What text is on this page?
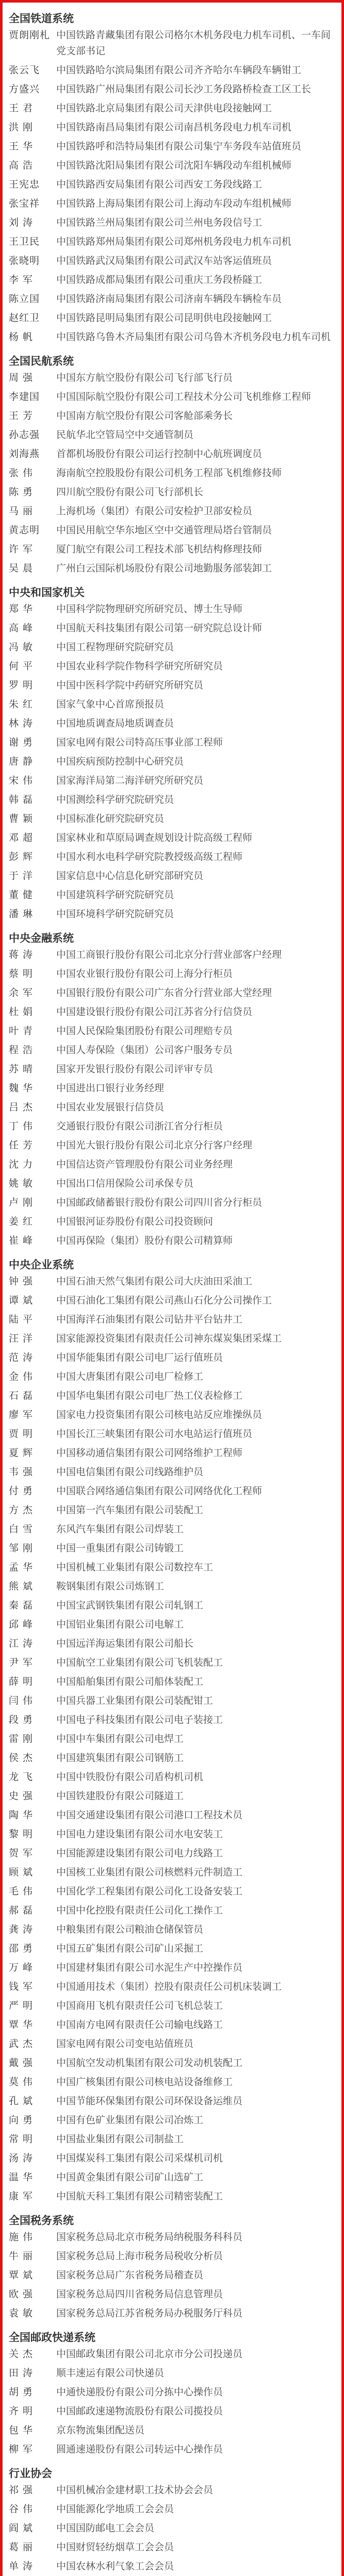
全国铁道系统
贾朗刚札 中国铁路青藏集团有限公司格尔木机务段电力机车司机、一车间党支部书记
张云飞	中国铁路哈尔滨局集团有限公司齐齐哈尔车辆段车辆钳工
方盛兴	中国铁路广州局集团有限公司长沙工务段路桥检查工区工长
王 君	中国铁路北京局集团有限公司天津供电段接触网工
洪 刚	中国铁路南昌局集团有限公司南昌机务段电力机车司机
王 华	中国铁路呼和浩特局集团有限公司集宁车务段车站值班员
高 浩	中国铁路沈阳局集团有限公司沈阳车辆段动车组机械师
王宪忠	中国铁路西安局集团有限公司西安工务段线路工
张宝祥	中国铁路上海局集团有限公司上海动车段动车组机械师
刘 涛	中国铁路兰州局集团有限公司兰州电务段信号工
王卫民	中国铁路郑州局集团有限公司郑州机务段电力机车司机
张晓明	中国铁路武汉局集团有限公司武汉车站客运值班员
李 军	中国铁路成都局集团有限公司重庆工务段桥隧工
陈立国	中国铁路济南局集团有限公司济南车辆段车辆检车员
赵红卫	中国铁路昆明局集团有限公司昆明供电段接触网工
杨 帆	中国铁路乌鲁木齐局集团有限公司乌鲁木齐机务段电力机车司机
全国民航系统
周 强	中国东方航空股份有限公司飞行部飞行员
李建国	中国国际航空股份有限公司工程技术分公司飞机维修工程师
王 芳	中国南方航空股份有限公司客舱部乘务长
孙志强	民航华北空管局空中交通管制员
刘海燕	首都机场股份有限公司运行控制中心航班调度员
张 伟	海南航空控股股份有限公司机务工程部飞机维修技师
陈 勇	四川航空股份有限公司飞行部机长
马 丽	上海机场（集团）有限公司安检护卫部安检员
黄志明	中国民用航空华东地区空中交通管理局塔台管制员
许 军	厦门航空有限公司工程技术部飞机结构修理技师
吴 晨	广州白云国际机场股份有限公司地勤服务部装卸工
中央和国家机关
郑 华	中国科学院物理研究所研究员、博士生导师
高 峰	中国航天科技集团有限公司第一研究院总设计师
冯 敏	中国工程物理研究院研究员
何 平	中国农业科学院作物科学研究所研究员
罗 明	中国中医科学院中药研究所研究员
朱 红	国家气象中心首席预报员
林 涛	中国地质调查局地质调查员
谢 勇	国家电网有限公司特高压事业部工程师
唐 静	中国疾病预防控制中心研究员
宋 伟	国家海洋局第二海洋研究所研究员
韩 磊	中国测绘科学研究院研究员
曹 颖	中国标准化研究院研究员
邓 超	国家林业和草原局调查规划设计院高级工程师
彭 辉	中国水利水电科学研究院教授级高级工程师
于 洋	国家信息中心信息化研究部研究员
董 健	中国建筑科学研究院研究员
潘 琳	中国环境科学研究院研究员
中央金融系统
蒋 涛	中国工商银行股份有限公司北京分行营业部客户经理
蔡 明	中国农业银行股份有限公司上海分行柜员
余 军	中国银行股份有限公司广东省分行营业部大堂经理
杜 娟	中国建设银行股份有限公司江苏省分行信贷员
叶 青	中国人民保险集团股份有限公司理赔专员
程 浩	中国人寿保险（集团）公司客户服务专员
苏 晴	国家开发银行股份有限公司评审专员
魏 华	中国进出口银行业务经理
吕 杰	中国农业发展银行信贷员
丁 伟	交通银行股份有限公司浙江省分行柜员
任 芳	中国光大银行股份有限公司北京分行客户经理
沈 力	中国信达资产管理股份有限公司业务经理
姚 敏	中国出口信用保险公司承保专员
卢 刚	中国邮政储蓄银行股份有限公司四川省分行柜员
姜 红	中国银河证券股份有限公司投资顾问
崔 峰	中国再保险（集团）股份有限公司精算师
中央企业系统
钟 强	中国石油天然气集团有限公司大庆油田采油工
谭 斌	中国石油化工集团有限公司燕山石化分公司操作工
陆 平	中国海洋石油集团有限公司钻井平台钻井工
汪 洋	国家能源投资集团有限责任公司神东煤炭集团采煤工
范 涛	中国华能集团有限公司电厂运行值班员
金 伟	中国大唐集团有限公司电厂检修工
石 磊	中国华电集团有限公司电厂热工仪表检修工
廖 军	国家电力投资集团有限公司核电站反应堆操纵员
贾 明	中国长江三峡集团有限公司水电站运行值班员
夏 辉	中国移动通信集团有限公司网络维护工程师
韦 强	中国电信集团有限公司线路维护员
付 勇	中国联合网络通信集团有限公司网络优化工程师
方 杰	中国第一汽车集团有限公司装配工
白 雪	东风汽车集团有限公司焊装工
邹 刚	中国一重集团有限公司铸锻工
孟 华	中国机械工业集团有限公司数控车工
熊 斌	鞍钢集团有限公司炼钢工
秦 磊	中国宝武钢铁集团有限公司轧钢工
邱 峰	中国铝业集团有限公司电解工
江 涛	中国远洋海运集团有限公司船长
尹 军	中国航空工业集团有限公司飞机装配工
薛 明	中国船舶集团有限公司船体装配工
闫 伟	中国兵器工业集团有限公司装配钳工
段 勇	中国电子科技集团有限公司电子装接工
雷 刚	中国中车集团有限公司电焊工
侯 杰	中国建筑集团有限公司钢筋工
龙 飞	中国中铁股份有限公司盾构机司机
史 强	中国铁建股份有限公司隧道工
陶 华	中国交通建设集团有限公司港口工程技术员
黎 明	中国电力建设集团有限公司水电安装工
贺 军	中国能源建设集团有限公司电力线路工
顾 斌	中国核工业集团有限公司核燃料元件制造工
毛 伟	中国化学工程集团有限公司化工设备安装工
郝 磊	中国中化控股有限责任公司化工操作工
龚 涛	中粮集团有限公司粮油仓储保管员
邵 勇	中国五矿集团有限公司矿山采掘工
万 峰	中国建材集团有限公司水泥生产中控操作员
钱 军	中国通用技术（集团）控股有限责任公司机床装调工
严 明	中国商用飞机有限责任公司飞机总装工
覃 华	中国南方电网有限责任公司输电线路工
武 杰	国家电网有限公司变电站值班员
戴 强	中国航空发动机集团有限公司发动机装配工
莫 伟	中国广核集团有限公司核电站设备维修工
孔 斌	中国节能环保集团有限公司环保设备运维员
向 勇	中国有色矿业集团有限公司冶炼工
常 明	中国盐业集团有限公司制盐工
汤 涛	中国煤炭科工集团有限公司采煤机司机
温 华	中国黄金集团有限公司矿山选矿工
康 军	中国航天科工集团有限公司精密装配工
全国税务系统
施 伟	国家税务总局北京市税务局纳税服务科科员
牛 丽	国家税务总局上海市税务局税收分析员
覃 斌	国家税务总局广东省税务局稽查员
欧 强	国家税务总局四川省税务局信息管理员
袁 敏	国家税务总局江苏省税务局办税服务厅科员
全国邮政快递系统
关 杰	中国邮政集团有限公司北京市分公司投递员
田 涛	顺丰速运有限公司快递员
胡 勇	中通快递股份有限公司分拣中心操作员
齐 明	中国邮政速递物流股份有限公司揽投员
包 华	京东物流集团配送员
柳 军	圆通速递股份有限公司转运中心操作员
行业协会
祁 强	中国机械冶金建材职工技术协会会员
谷 伟	中国能源化学地质工会会员
阎 斌	中国国防邮电工会会员
葛 丽	中国财贸轻纺烟草工会会员
单 涛	中国农林水利气象工会会员
